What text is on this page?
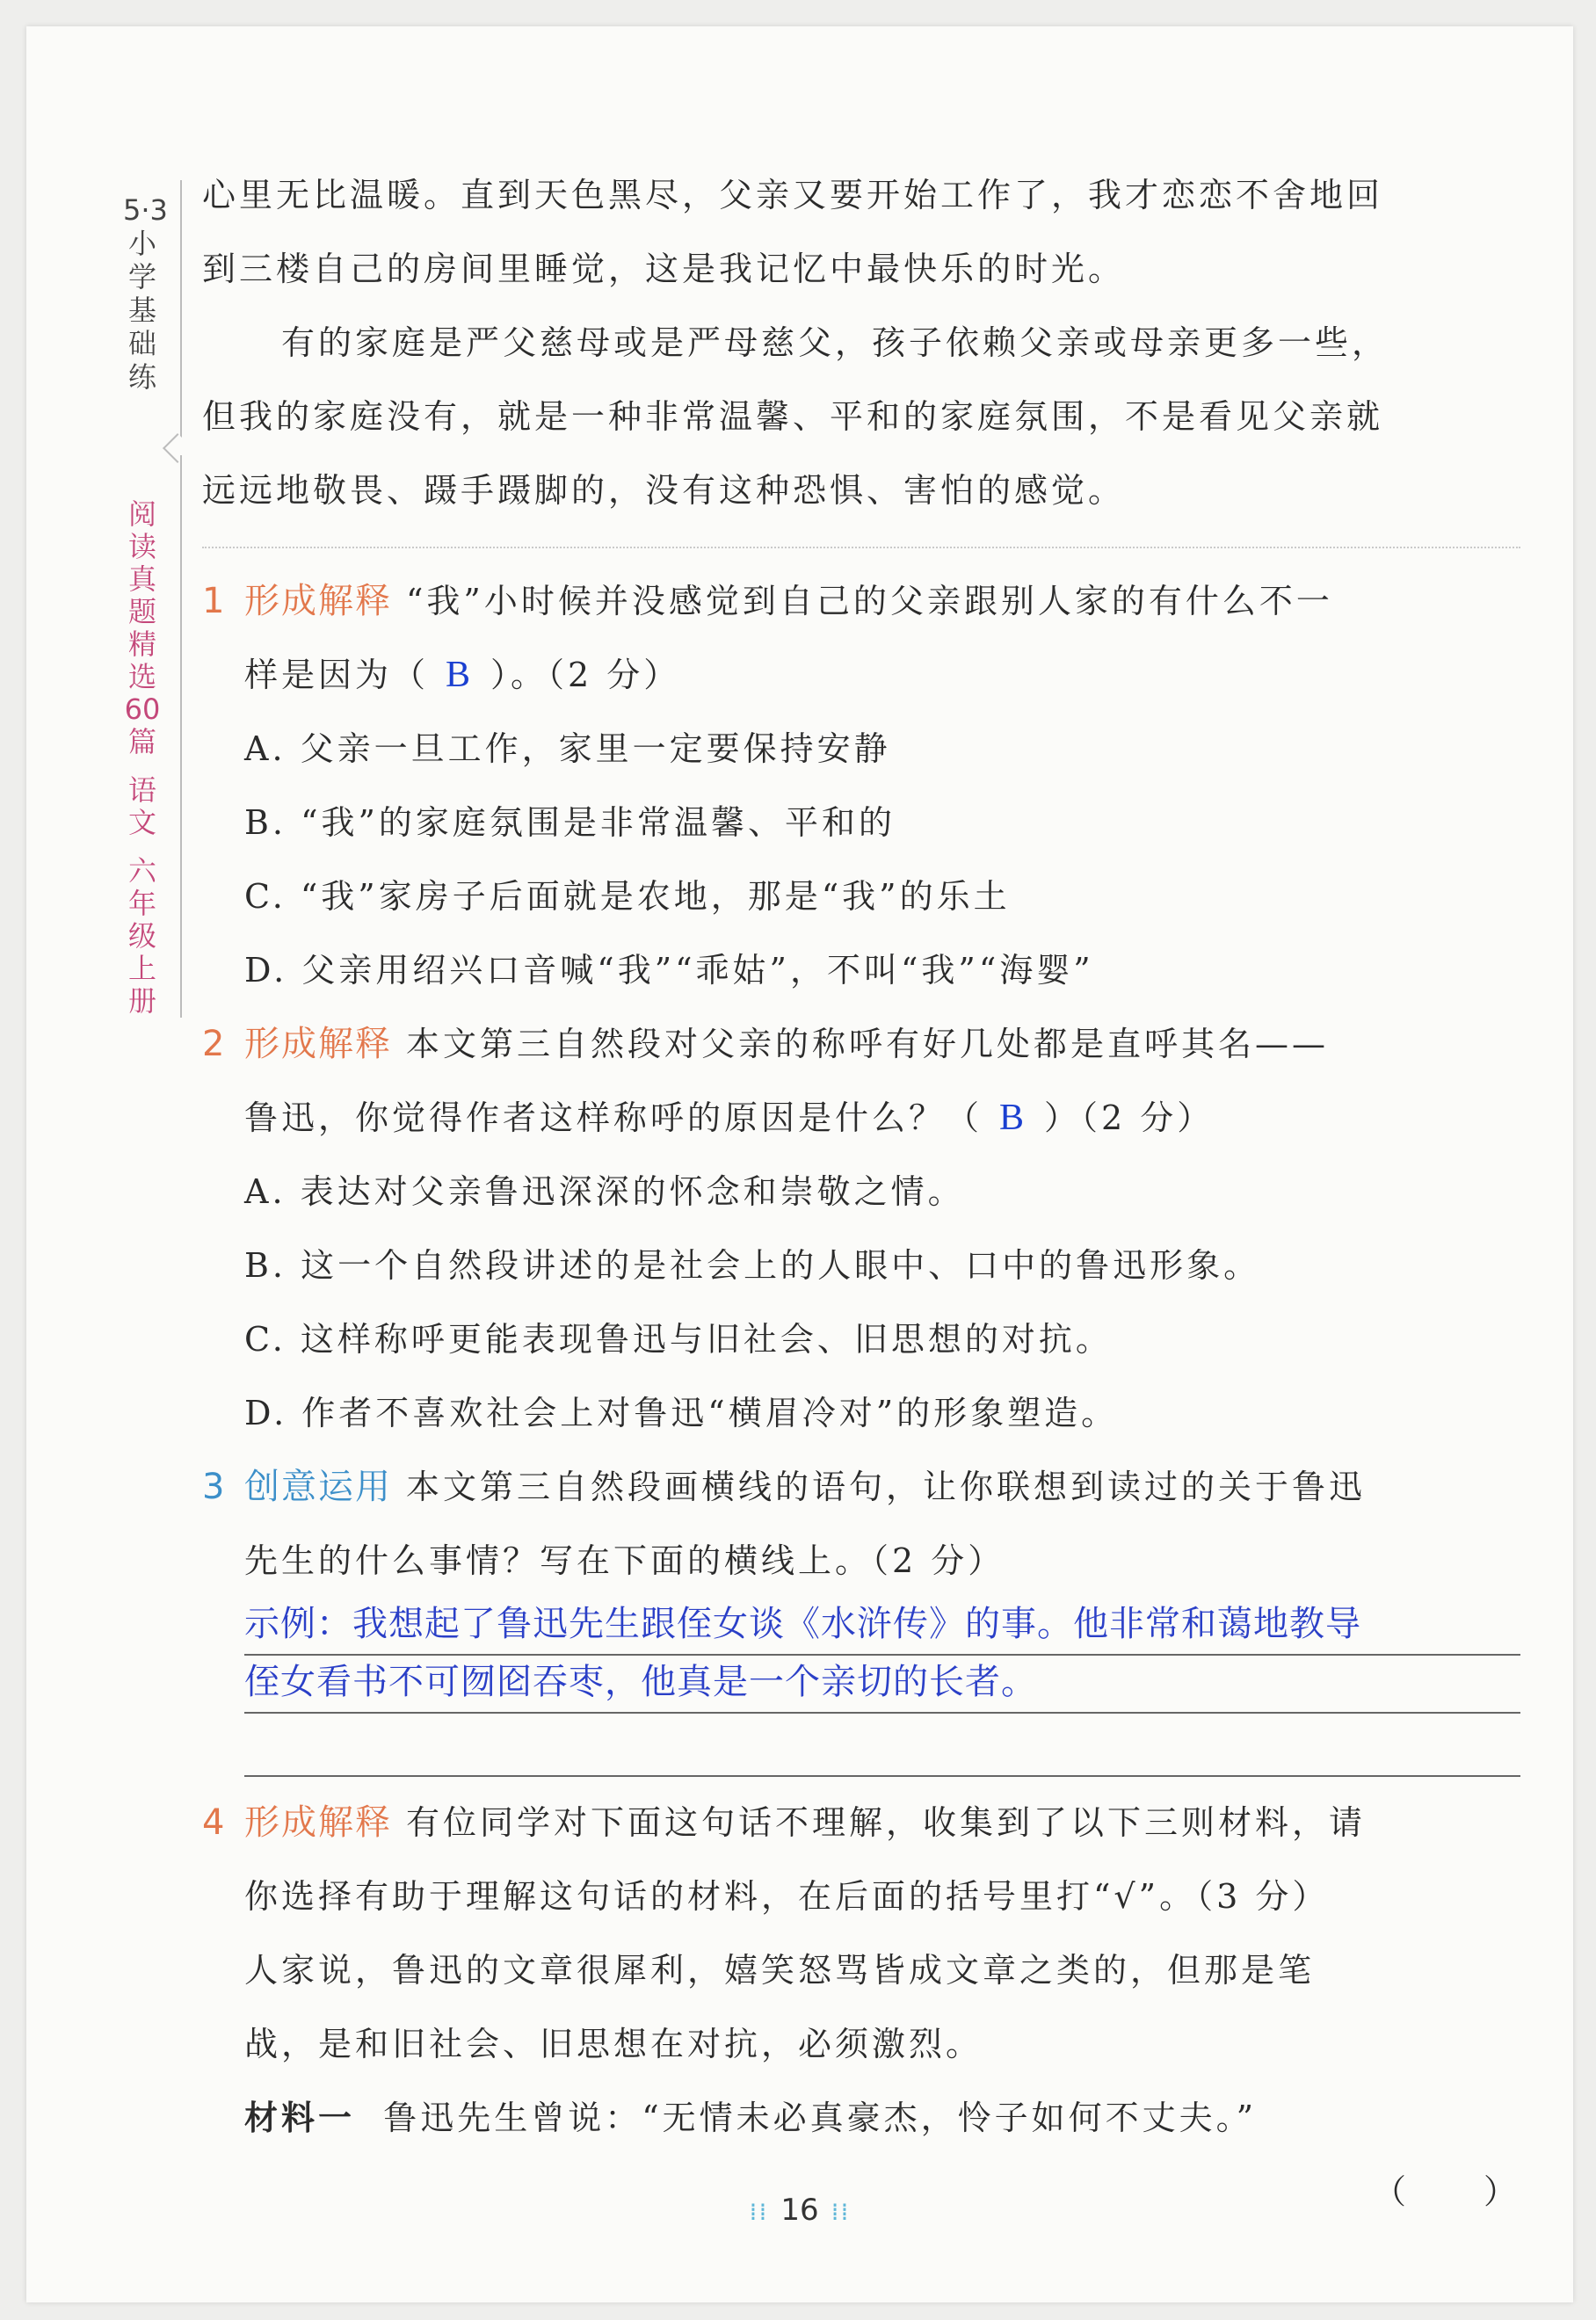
5·3小学基础练

阅读真题精选60篇
语文
六年级上册

心里无比温暖。直到天色黑尽，父亲又要开始工作了，我才恋恋不舍地回
到三楼自己的房间里睡觉，这是我记忆中最快乐的时光。
有的家庭是严父慈母或是严母慈父，孩子依赖父亲或母亲更多一些，
但我的家庭没有，就是一种非常温馨、平和的家庭氛围，不是看见父亲就
远远地敬畏、蹑手蹑脚的，没有这种恐惧、害怕的感觉。
1 形成解释 “我”小时候并没感觉到自己的父亲跟别人家的有什么不一
样是因为（ B ）。（2 分）
A. 父亲一旦工作，家里一定要保持安静
B. “我”的家庭氛围是非常温馨、平和的
C. “我”家房子后面就是农地，那是“我”的乐土
D. 父亲用绍兴口音喊“我”“乖姑”，不叫“我”“海婴”
2 形成解释 本文第三自然段对父亲的称呼有好几处都是直呼其名——
鲁迅，你觉得作者这样称呼的原因是什么？（ B ）（2 分）
A. 表达对父亲鲁迅深深的怀念和崇敬之情。
B. 这一个自然段讲述的是社会上的人眼中、口中的鲁迅形象。
C. 这样称呼更能表现鲁迅与旧社会、旧思想的对抗。
D. 作者不喜欢社会上对鲁迅“横眉冷对”的形象塑造。
3 创意运用 本文第三自然段画横线的语句，让你联想到读过的关于鲁迅
先生的什么事情？写在下面的横线上。（2 分）
示例：我想起了鲁迅先生跟侄女谈《水浒传》的事。他非常和蔼地教导
侄女看书不可囫囵吞枣，他真是一个亲切的长者。
4 形成解释 有位同学对下面这句话不理解，收集到了以下三则材料，请
你选择有助于理解这句话的材料，在后面的括号里打“√”。（3 分）
人家说，鲁迅的文章很犀利，嬉笑怒骂皆成文章之类的，但那是笔
战，是和旧社会、旧思想在对抗，必须激烈。
材料一 鲁迅先生曾说：“无情未必真豪杰，怜子如何不丈夫。”
（　　）
⁞⁞ 16 ⁞⁞
